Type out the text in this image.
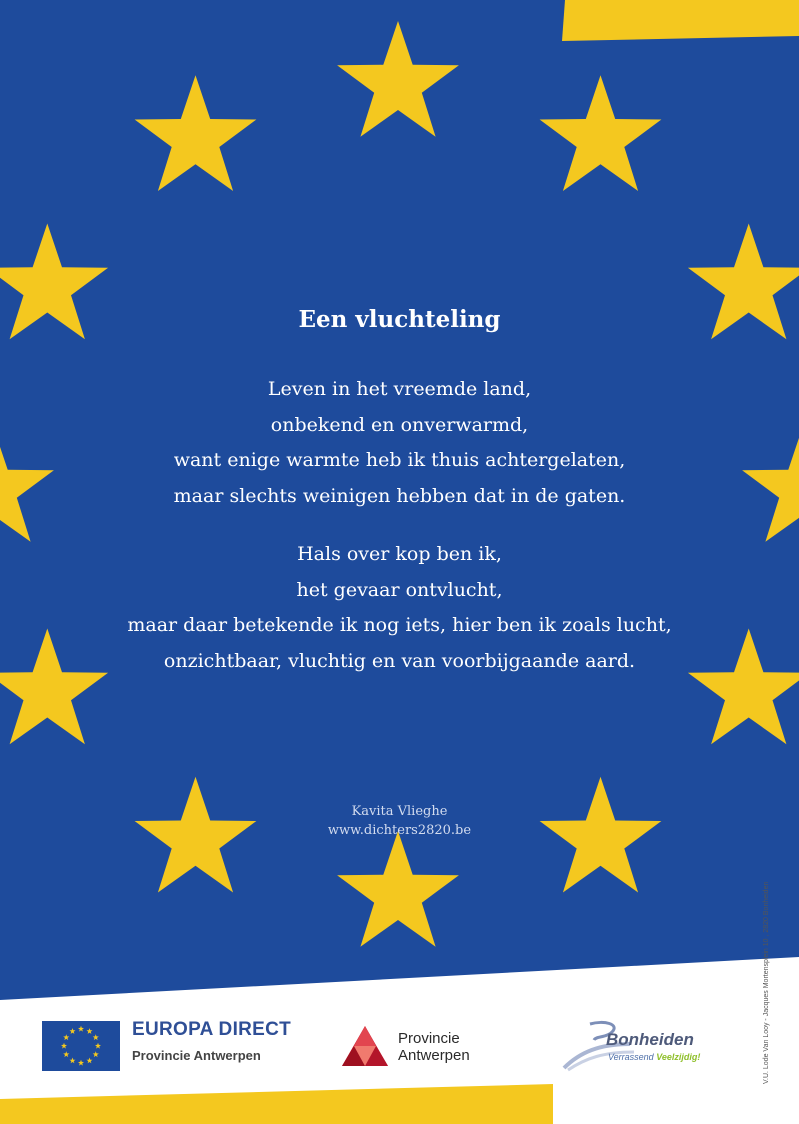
Een vluchteling
Leven in het vreemde land,
onbekend en onverwarmd,
want enige warmte heb ik thuis achtergelaten,
maar slechts weinigen hebben dat in de gaten.
Hals over kop ben ik,
het gevaar ontvlucht,
maar daar betekende ik nog iets, hier ben ik zoals lucht,
onzichtbaar, vluchtig en van voorbijgaande aard.
Kavita Vlieghe
www.dichters2820.be
V.U. Lode Van Looy - Jacques Mortensplein 10 , 2820 Bonheiden
EUROPA DIRECT
Provincie Antwerpen
Provincie
Antwerpen
Bonheiden
Verrassend Veelzijdig!
